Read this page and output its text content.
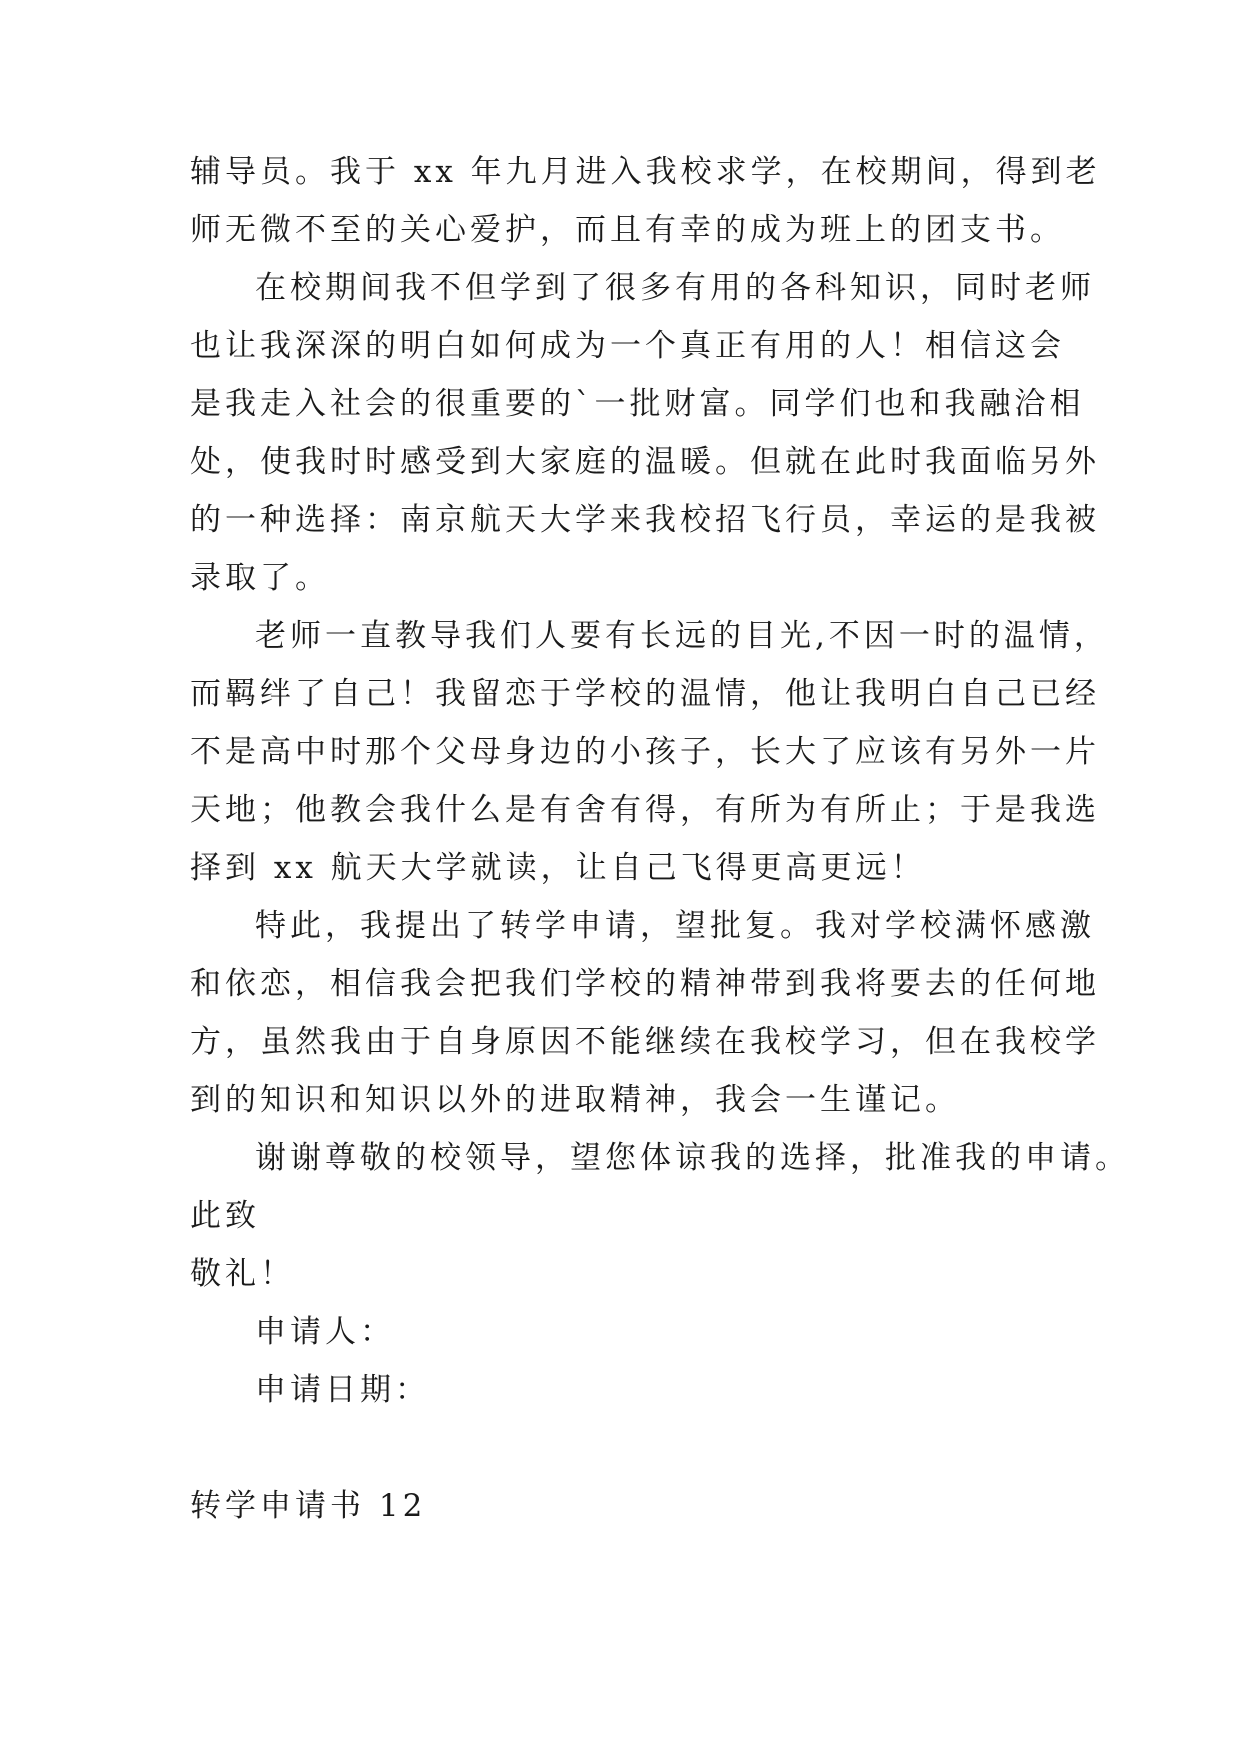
辅导员。我于 xx 年九月进入我校求学，在校期间，得到老
师无微不至的关心爱护，而且有幸的成为班上的团支书。
在校期间我不但学到了很多有用的各科知识，同时老师
也让我深深的明白如何成为一个真正有用的人！相信这会
是我走入社会的很重要的`一批财富。同学们也和我融洽相
处，使我时时感受到大家庭的温暖。但就在此时我面临另外
的一种选择：南京航天大学来我校招飞行员，幸运的是我被
录取了。
老师一直教导我们人要有长远的目光,不因一时的温情，
而羁绊了自己！我留恋于学校的温情，他让我明白自己已经
不是高中时那个父母身边的小孩子，长大了应该有另外一片
天地；他教会我什么是有舍有得，有所为有所止；于是我选
择到 xx 航天大学就读，让自己飞得更高更远！
特此，我提出了转学申请，望批复。我对学校满怀感激
和依恋，相信我会把我们学校的精神带到我将要去的任何地
方，虽然我由于自身原因不能继续在我校学习，但在我校学
到的知识和知识以外的进取精神，我会一生谨记。
谢谢尊敬的校领导，望您体谅我的选择，批准我的申请。
此致
敬礼！
申请人：
申请日期：
转学申请书 12
